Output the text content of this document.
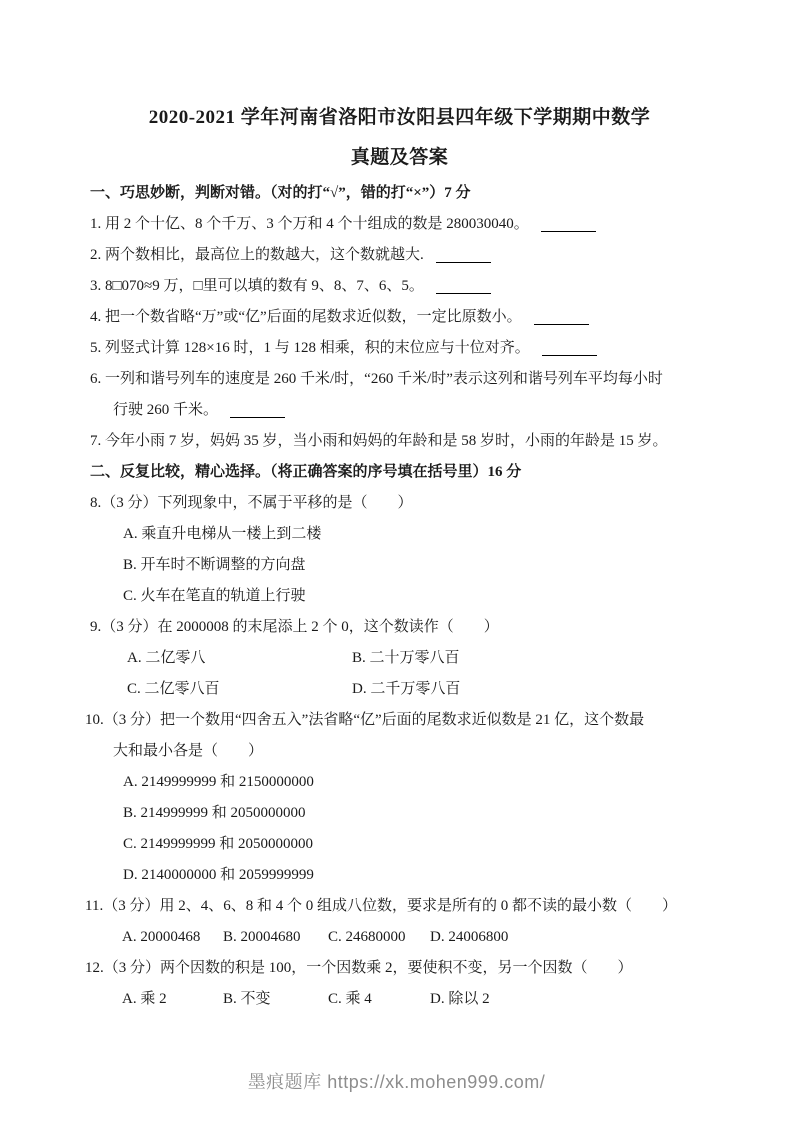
2020-2021 学年河南省洛阳市汝阳县四年级下学期期中数学
真题及答案
一、巧思妙断，判断对错。（对的打“√”，错的打“×”）7 分
1. 用 2 个十亿、8 个千万、3 个万和 4 个十组成的数是 280030040。
2. 两个数相比，最高位上的数越大，这个数就越大.
3. 8□070≈9 万，□里可以填的数有 9、8、7、6、5。
4. 把一个数省略“万”或“亿”后面的尾数求近似数，一定比原数小。
5. 列竖式计算 128×16 时，1 与 128 相乘，积的末位应与十位对齐。
6. 一列和谐号列车的速度是 260 千米/时，“260 千米/时”表示这列和谐号列车平均每小时
行驶 260 千米。
7. 今年小雨 7 岁，妈妈 35 岁，当小雨和妈妈的年龄和是 58 岁时，小雨的年龄是 15 岁。
二、反复比较，精心选择。（将正确答案的序号填在括号里）16 分
8.（3 分）下列现象中，不属于平移的是（　　）
A. 乘直升电梯从一楼上到二楼
B. 开车时不断调整的方向盘
C. 火车在笔直的轨道上行驶
9.（3 分）在 2000008 的末尾添上 2 个 0，这个数读作（　　）
A. 二亿零八	B. 二十万零八百
C. 二亿零八百	D. 二千万零八百
10.（3 分）把一个数用“四舍五入”法省略“亿”后面的尾数求近似数是 21 亿，这个数最
大和最小各是（　　）
A. 2149999999 和 2150000000
B. 214999999 和 2050000000
C. 2149999999 和 2050000000
D. 2140000000 和 2059999999
11.（3 分）用 2、4、6、8 和 4 个 0 组成八位数，要求是所有的 0 都不读的最小数（　　）
A. 20000468	B. 20004680	C. 24680000	D. 24006800
12.（3 分）两个因数的积是 100，一个因数乘 2，要使积不变，另一个因数（　　）
A. 乘 2	B. 不变	C. 乘 4	D. 除以 2
墨痕题库 https://xk.mohen999.com/
